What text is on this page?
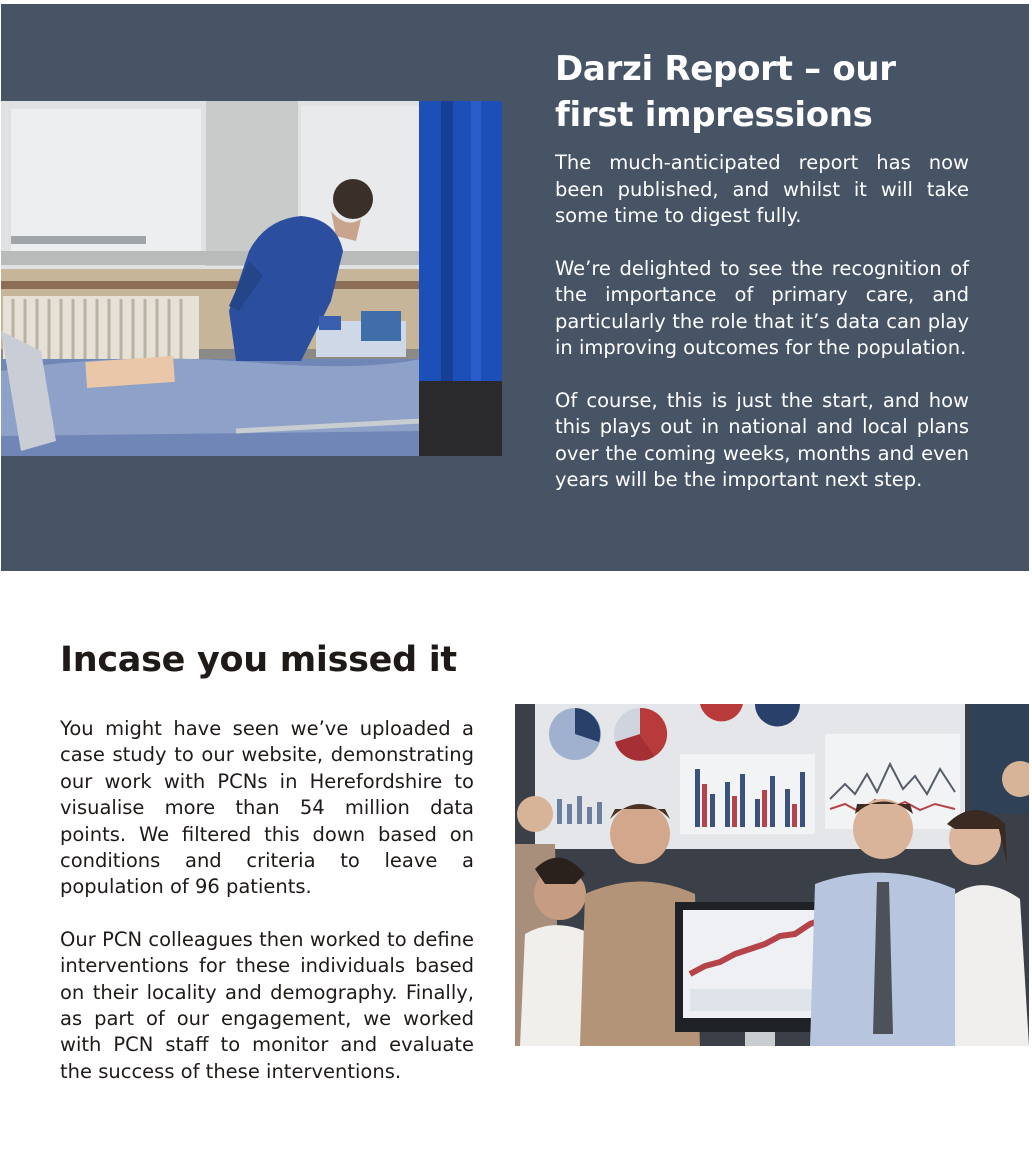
Darzi Report – our first impressions

The much-anticipated report has now been published, and whilst it will take some time to digest fully.

We’re delighted to see the recognition of the importance of primary care, and particularly the role that it’s data can play in improving outcomes for the population.

Of course, this is just the start, and how this plays out in national and local plans over the coming weeks, months and even years will be the important next step.

Incase you missed it

You might have seen we’ve uploaded a case study to our website, demonstrating our work with PCNs in Herefordshire to visualise more than 54 million data points. We filtered this down based on conditions and criteria to leave a population of 96 patients.

Our PCN colleagues then worked to define interventions for these individuals based on their locality and demography. Finally, as part of our engagement, we worked with PCN staff to monitor and evaluate the success of these interventions.
